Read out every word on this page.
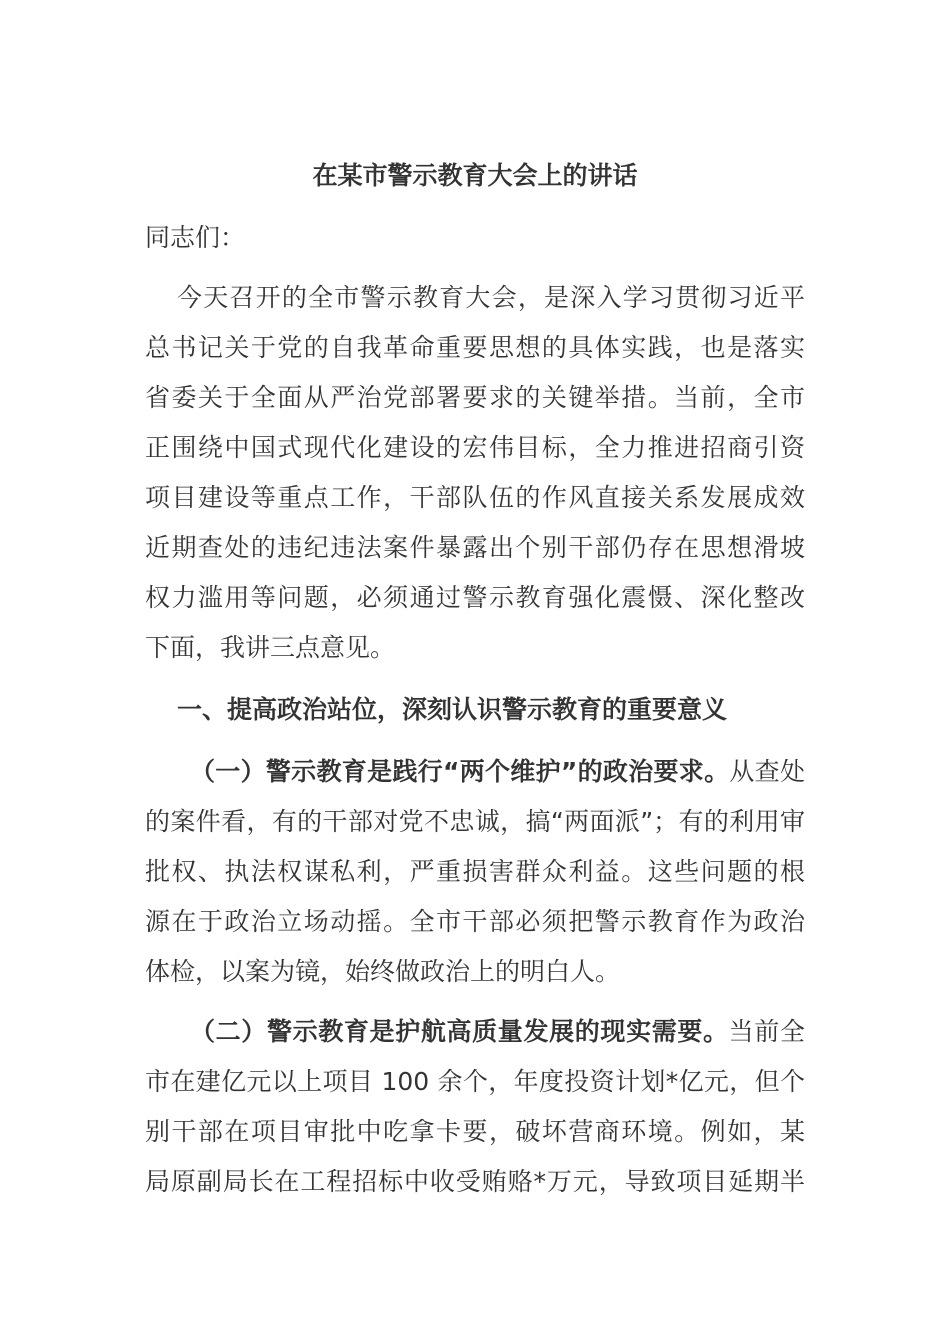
在某市警示教育大会上的讲话
同志们：
今天召开的全市警示教育大会，是深入学习贯彻习近平
总书记关于党的自我革命重要思想的具体实践，也是落实
省委关于全面从严治党部署要求的关键举措。当前，全市
正围绕中国式现代化建设的宏伟目标，全力推进招商引资
项目建设等重点工作，干部队伍的作风直接关系发展成效
近期查处的违纪违法案件暴露出个别干部仍存在思想滑坡
权力滥用等问题，必须通过警示教育强化震慑、深化整改
下面，我讲三点意见。
一、提高政治站位，深刻认识警示教育的重要意义
（一）警示教育是践行“两个维护”的政治要求。从查处
的案件看，有的干部对党不忠诚，搞“两面派”；有的利用审
批权、执法权谋私利，严重损害群众利益。这些问题的根
源在于政治立场动摇。全市干部必须把警示教育作为政治
体检，以案为镜，始终做政治上的明白人。
（二）警示教育是护航高质量发展的现实需要。当前全
市在建亿元以上项目 100 余个，年度投资计划*亿元，但个
别干部在项目审批中吃拿卡要，破坏营商环境。例如，某
局原副局长在工程招标中收受贿赂*万元，导致项目延期半
